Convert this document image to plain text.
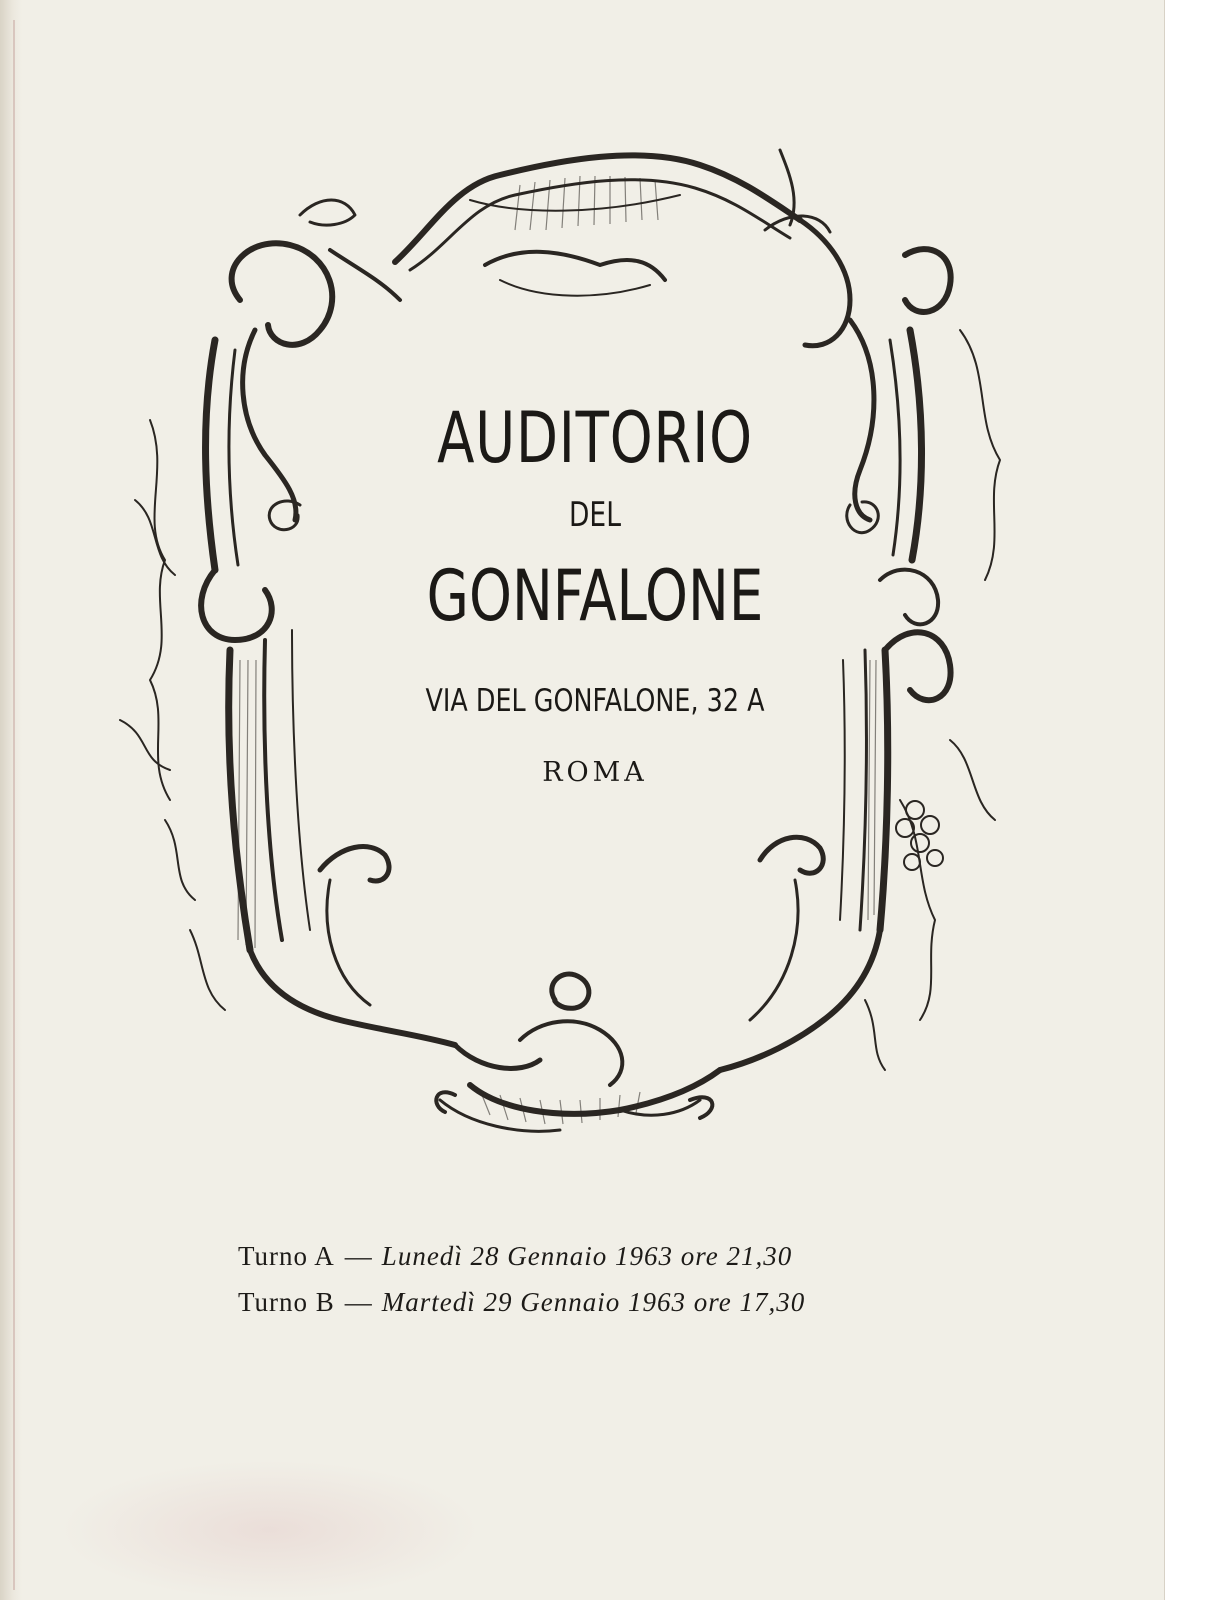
AUDITORIO
DEL
GONFALONE
VIA DEL GONFALONE, 32 A
ROMA
Turno A — Lunedì 28 Gennaio 1963 ore 21,30
Turno B — Martedì 29 Gennaio 1963 ore 17,30
